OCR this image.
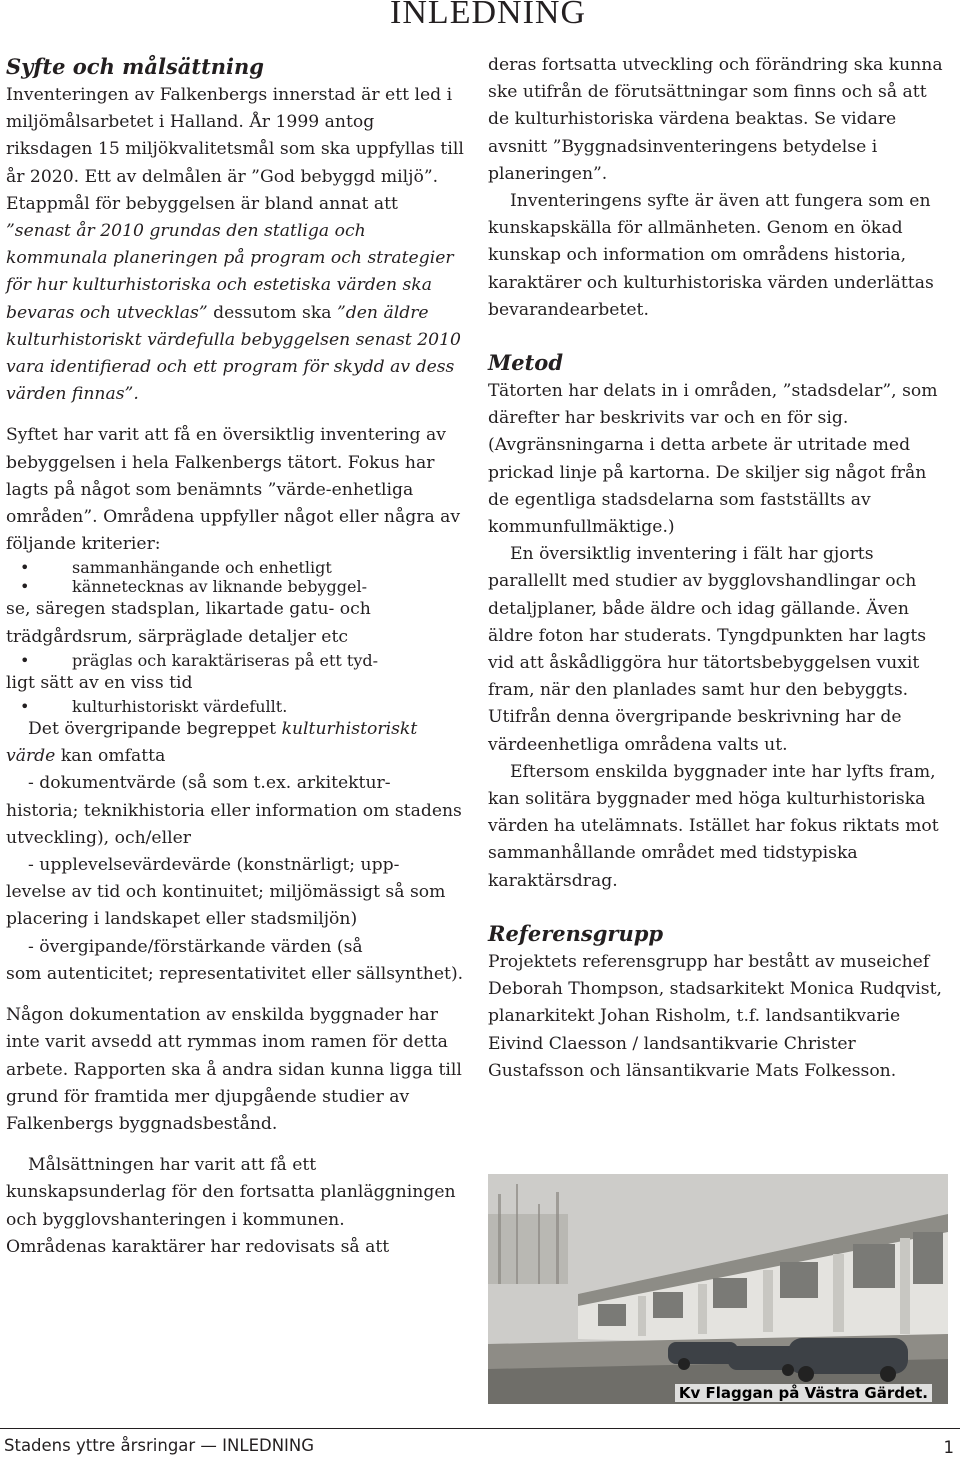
INLEDNING
Syfte och målsättning

Inventeringen av Falkenbergs innerstad är ett led i miljömålsarbetet i Halland. År 1999 antog riksdagen 15 miljökvalitetsmål som ska uppfyllas till år 2020. Ett av delmålen är ”God bebyggd miljö”. Etappmål för bebyggelsen är bland annat att ”senast år 2010 grundas den statliga och kommunala planeringen på program och strategier för hur kulturhistoriska och estetiska värden ska bevaras och utvecklas” dessutom ska ”den äldre kulturhistoriskt värdefulla bebyggelsen senast 2010 vara identifierad och ett program för skydd av dess värden finnas”.

Syftet har varit att få en översiktlig inventering av bebyggelsen i hela Falkenbergs tätort. Fokus har lagts på något som benämnts ”värde-enhetliga områden”. Områdena uppfyller något eller några av följande kriterier:

•	sammanhängande och enhetligt
•	kännetecknas av liknande bebyggel-
se, säregen stadsplan, likartade gatu- och trädgårdsrum, särpräglade detaljer etc
•	präglas och karaktäriseras på ett tyd-
ligt sätt av en viss tid
•	kulturhistoriskt värdefullt.

Det övergripande begreppet kulturhistoriskt värde kan omfatta

- dokumentvärde (så som t.ex. arkitektur-
historia; teknikhistoria eller information om stadens utveckling), och/eller
- upplevelsevärdevärde (konstnärligt; upp-
levelse av tid och kontinuitet; miljömässigt så som placering i landskapet eller stadsmiljön)
- övergipande/förstärkande värden (så
som autenticitet; representativitet eller sällsynthet).

Någon dokumentation av enskilda byggnader har inte varit avsedd att rymmas inom ramen för detta arbete. Rapporten ska å andra sidan kunna ligga till grund för framtida mer djupgående studier av Falkenbergs byggnadsbestånd.

Målsättningen har varit att få ett kunskapsunderlag för den fortsatta planläggningen och bygglovshanteringen i kommunen.

Områdenas karaktärer har redovisats så att

deras fortsatta utveckling och förändring ska kunna ske utifrån de förutsättningar som finns och så att de kulturhistoriska värdena beaktas. Se vidare avsnitt ”Byggnadsinventeringens betydelse i planeringen”.

Inventeringens syfte är även att fungera som en kunskapskälla för allmänheten. Genom en ökad kunskap och information om områdens historia, karaktärer och kulturhistoriska värden underlättas bevarandearbetet.

Metod

Tätorten har delats in i områden, ”stadsdelar”, som därefter har beskrivits var och en för sig. (Avgränsningarna i detta arbete är utritade med prickad linje på kartorna. De skiljer sig något från de egentliga stadsdelarna som fastställts av kommunfullmäktige.)

En översiktlig inventering i fält har gjorts parallellt med studier av bygglovshandlingar och detaljplaner, både äldre och idag gällande. Även äldre foton har studerats. Tyngdpunkten har lagts vid att åskådliggöra hur tätortsbebyggelsen vuxit fram, när den planlades samt hur den bebyggts. Utifrån denna övergripande beskrivning har de värdeenhetliga områdena valts ut.

Eftersom enskilda byggnader inte har lyfts fram, kan solitära byggnader med höga kulturhistoriska värden ha utelämnats. Istället har fokus riktats mot sammanhållande området med tidstypiska karaktärsdrag.

Referensgrupp

Projektets referensgrupp har bestått av museichef Deborah Thompson, stadsarkitekt Monica Rudqvist, planarkitekt Johan Risholm, t.f. landsantikvarie Eivind Claesson / landsantikvarie Christer Gustafsson och länsantikvarie Mats Folkesson.

Kv Flaggan på Västra Gärdet.
Stadens yttre årsringar — INLEDNING	1
